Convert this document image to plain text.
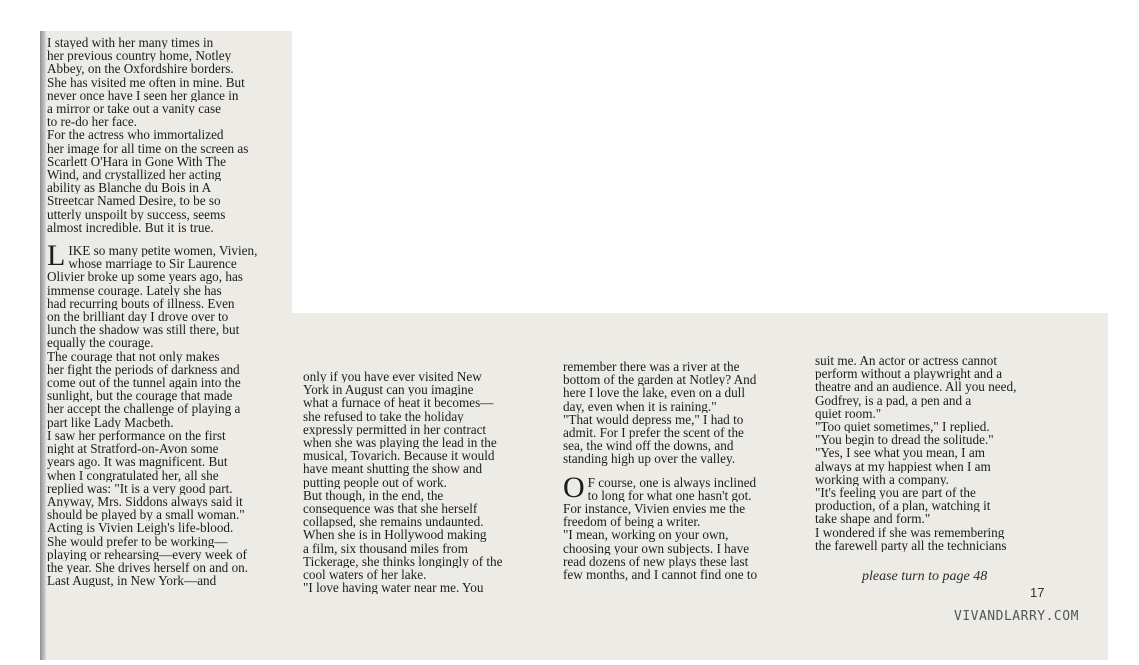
I stayed with her many times in
her previous country home, Notley
Abbey, on the Oxfordshire borders.
She has visited me often in mine. But
never once have I seen her glance in
a mirror or take out a vanity case
to re-do her face.
For the actress who immortalized
her image for all time on the screen as
Scarlett O'Hara in Gone With The
Wind, and crystallized her acting
ability as Blanche du Bois in A
Streetcar Named Desire, to be so
utterly unspoilt by success, seems
almost incredible. But it is true.
L IKE so many petite women, Vivien,
whose marriage to Sir Laurence
Olivier broke up some years ago, has
immense courage. Lately she has
had recurring bouts of illness. Even
on the brilliant day I drove over to
lunch the shadow was still there, but
equally the courage.
The courage that not only makes
her fight the periods of darkness and
come out of the tunnel again into the
sunlight, but the courage that made
her accept the challenge of playing a
part like Lady Macbeth.
I saw her performance on the first
night at Stratford-on-Avon some
years ago. It was magnificent. But
when I congratulated her, all she
replied was: "It is a very good part.
Anyway, Mrs. Siddons always said it
should be played by a small woman."
Acting is Vivien Leigh's life-blood.
She would prefer to be working—
playing or rehearsing—every week of
the year. She drives herself on and on.
Last August, in New York—and
only if you have ever visited New
York in August can you imagine
what a furnace of heat it becomes—
she refused to take the holiday
expressly permitted in her contract
when she was playing the lead in the
musical, Tovarich. Because it would
have meant shutting the show and
putting people out of work.
But though, in the end, the
consequence was that she herself
collapsed, she remains undaunted.
When she is in Hollywood making
a film, six thousand miles from
Tickerage, she thinks longingly of the
cool waters of her lake.
"I love having water near me. You
remember there was a river at the
bottom of the garden at Notley? And
here I love the lake, even on a dull
day, even when it is raining."
"That would depress me," I had to
admit. For I prefer the scent of the
sea, the wind off the downs, and
standing high up over the valley.
O F course, one is always inclined
to long for what one hasn't got.
For instance, Vivien envies me the
freedom of being a writer.
"I mean, working on your own,
choosing your own subjects. I have
read dozens of new plays these last
few months, and I cannot find one to
suit me. An actor or actress cannot
perform without a playwright and a
theatre and an audience. All you need,
Godfrey, is a pad, a pen and a
quiet room."
"Too quiet sometimes," I replied.
"You begin to dread the solitude."
"Yes, I see what you mean, I am
always at my happiest when I am
working with a company.
"It's feeling you are part of the
production, of a plan, watching it
take shape and form."
I wondered if she was remembering
the farewell party all the technicians
please turn to page 48
17
VIVANDLARRY.COM
